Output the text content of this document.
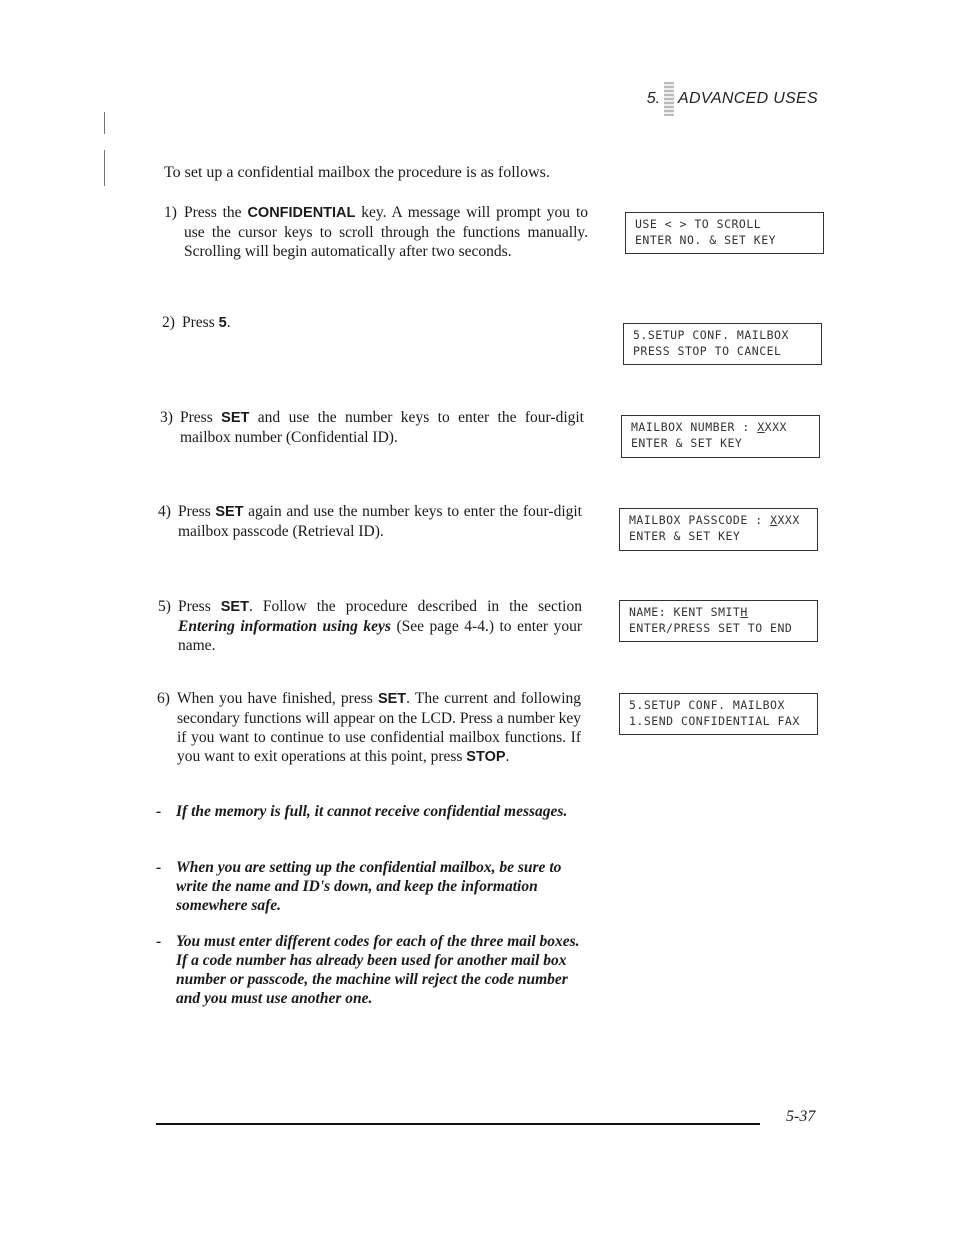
5. ADVANCED USES
To set up a confidential mailbox the procedure is as follows.
1) Press the CONFIDENTIAL key. A message will prompt you to use the cursor keys to scroll through the functions manually. Scrolling will begin automatically after two seconds.
2) Press 5.
3) Press SET and use the number keys to enter the four-digit mailbox number (Confidential ID).
4) Press SET again and use the number keys to enter the four-digit mailbox passcode (Retrieval ID).
5) Press SET. Follow the procedure described in the section Entering information using keys (See page 4-4.) to enter your name.
6) When you have finished, press SET. The current and following secondary functions will appear on the LCD. Press a number key if you want to continue to use confidential mailbox functions. If you want to exit operations at this point, press STOP.
USE < > TO SCROLL
ENTER NO. & SET KEY
5.SETUP CONF. MAILBOX
PRESS STOP TO CANCEL
MAILBOX NUMBER : XXXX
ENTER & SET KEY
MAILBOX PASSCODE : XXXX
ENTER & SET KEY
NAME: KENT SMITH
ENTER/PRESS SET TO END
5.SETUP CONF. MAILBOX
1.SEND CONFIDENTIAL FAX
- If the memory is full, it cannot receive confidential messages.
- When you are setting up the confidential mailbox, be sure to write the name and ID's down, and keep the information somewhere safe.
- You must enter different codes for each of the three mail boxes. If a code number has already been used for another mail box number or passcode, the machine will reject the code number and you must use another one.
5-37
